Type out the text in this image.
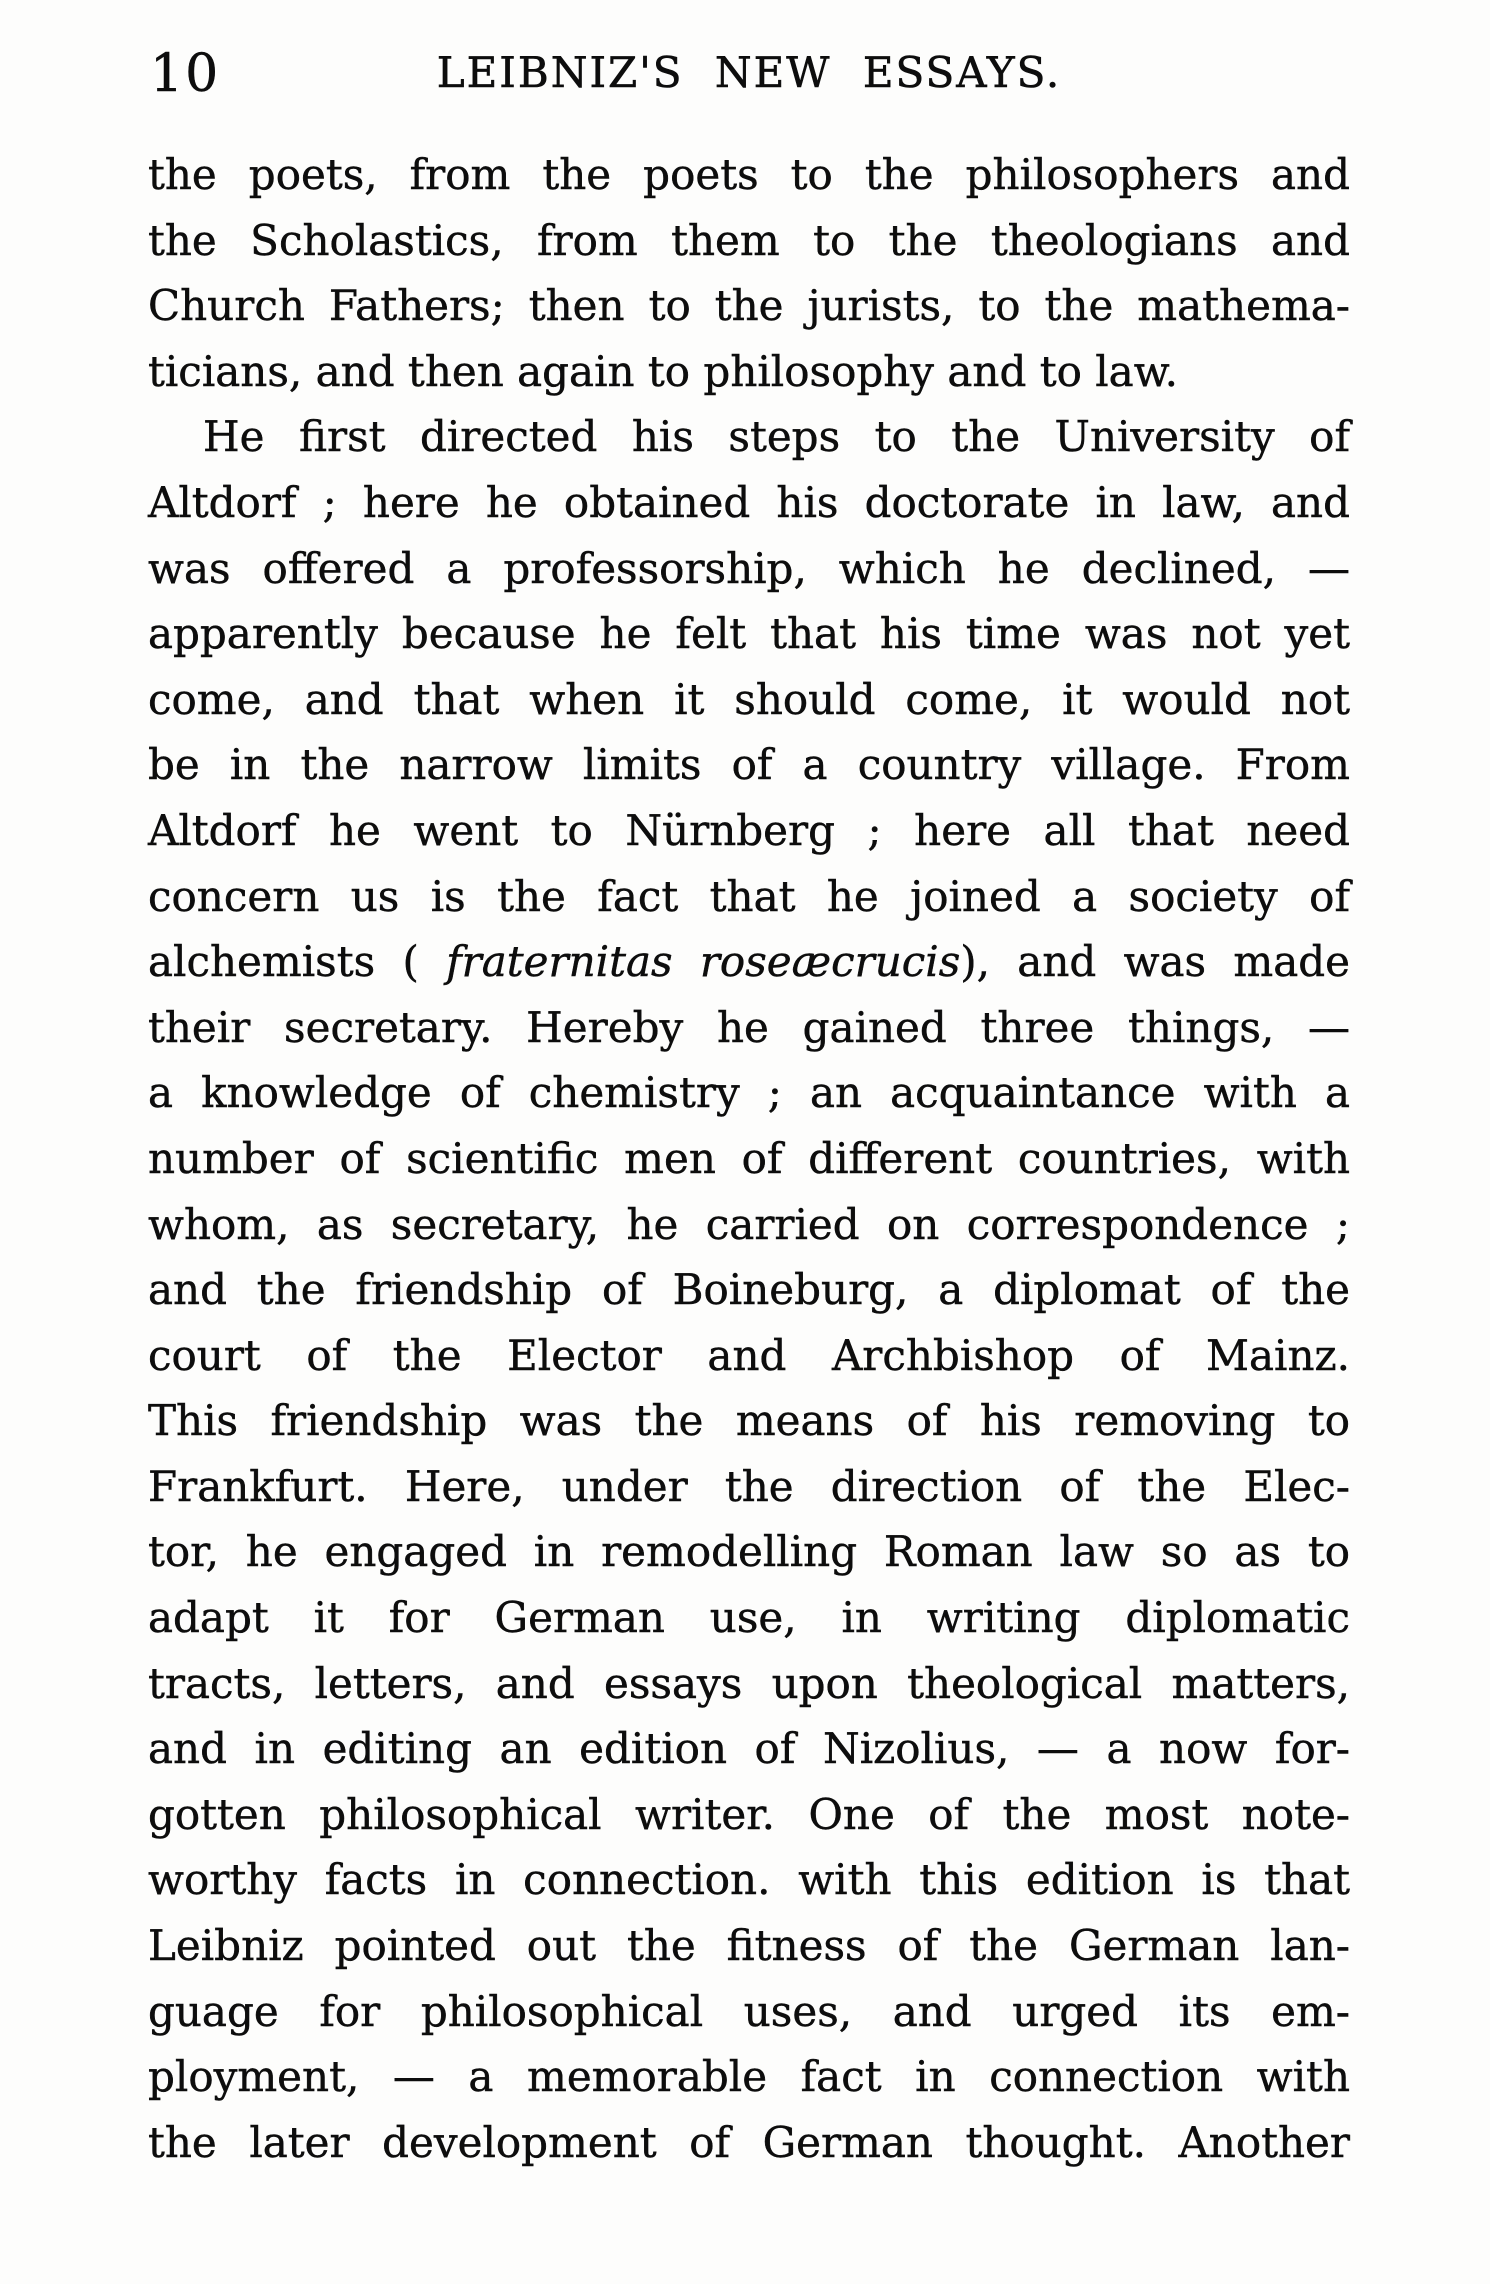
10	LEIBNIZ'S NEW ESSAYS.
the poets, from the poets to the philosophers and
the Scholastics, from them to the theologians and
Church Fathers; then to the jurists, to the mathema-
ticians, and then again to philosophy and to law.
He first directed his steps to the University of
Altdorf ; here he obtained his doctorate in law, and
was offered a professorship, which he declined, —
apparently because he felt that his time was not yet
come, and that when it should come, it would not
be in the narrow limits of a country village. From
Altdorf he went to Nürnberg ; here all that need
concern us is the fact that he joined a society of
alchemists ( fraternitas roseæcrucis), and was made
their secretary. Hereby he gained three things, —
a knowledge of chemistry ; an acquaintance with a
number of scientific men of different countries, with
whom, as secretary, he carried on correspondence ;
and the friendship of Boineburg, a diplomat of the
court of the Elector and Archbishop of Mainz.
This friendship was the means of his removing to
Frankfurt. Here, under the direction of the Elec-
tor, he engaged in remodelling Roman law so as to
adapt it for German use, in writing diplomatic
tracts, letters, and essays upon theological matters,
and in editing an edition of Nizolius, — a now for-
gotten philosophical writer. One of the most note-
worthy facts in connection. with this edition is that
Leibniz pointed out the fitness of the German lan-
guage for philosophical uses, and urged its em-
ployment, — a memorable fact in connection with
the later development of German thought. Another
